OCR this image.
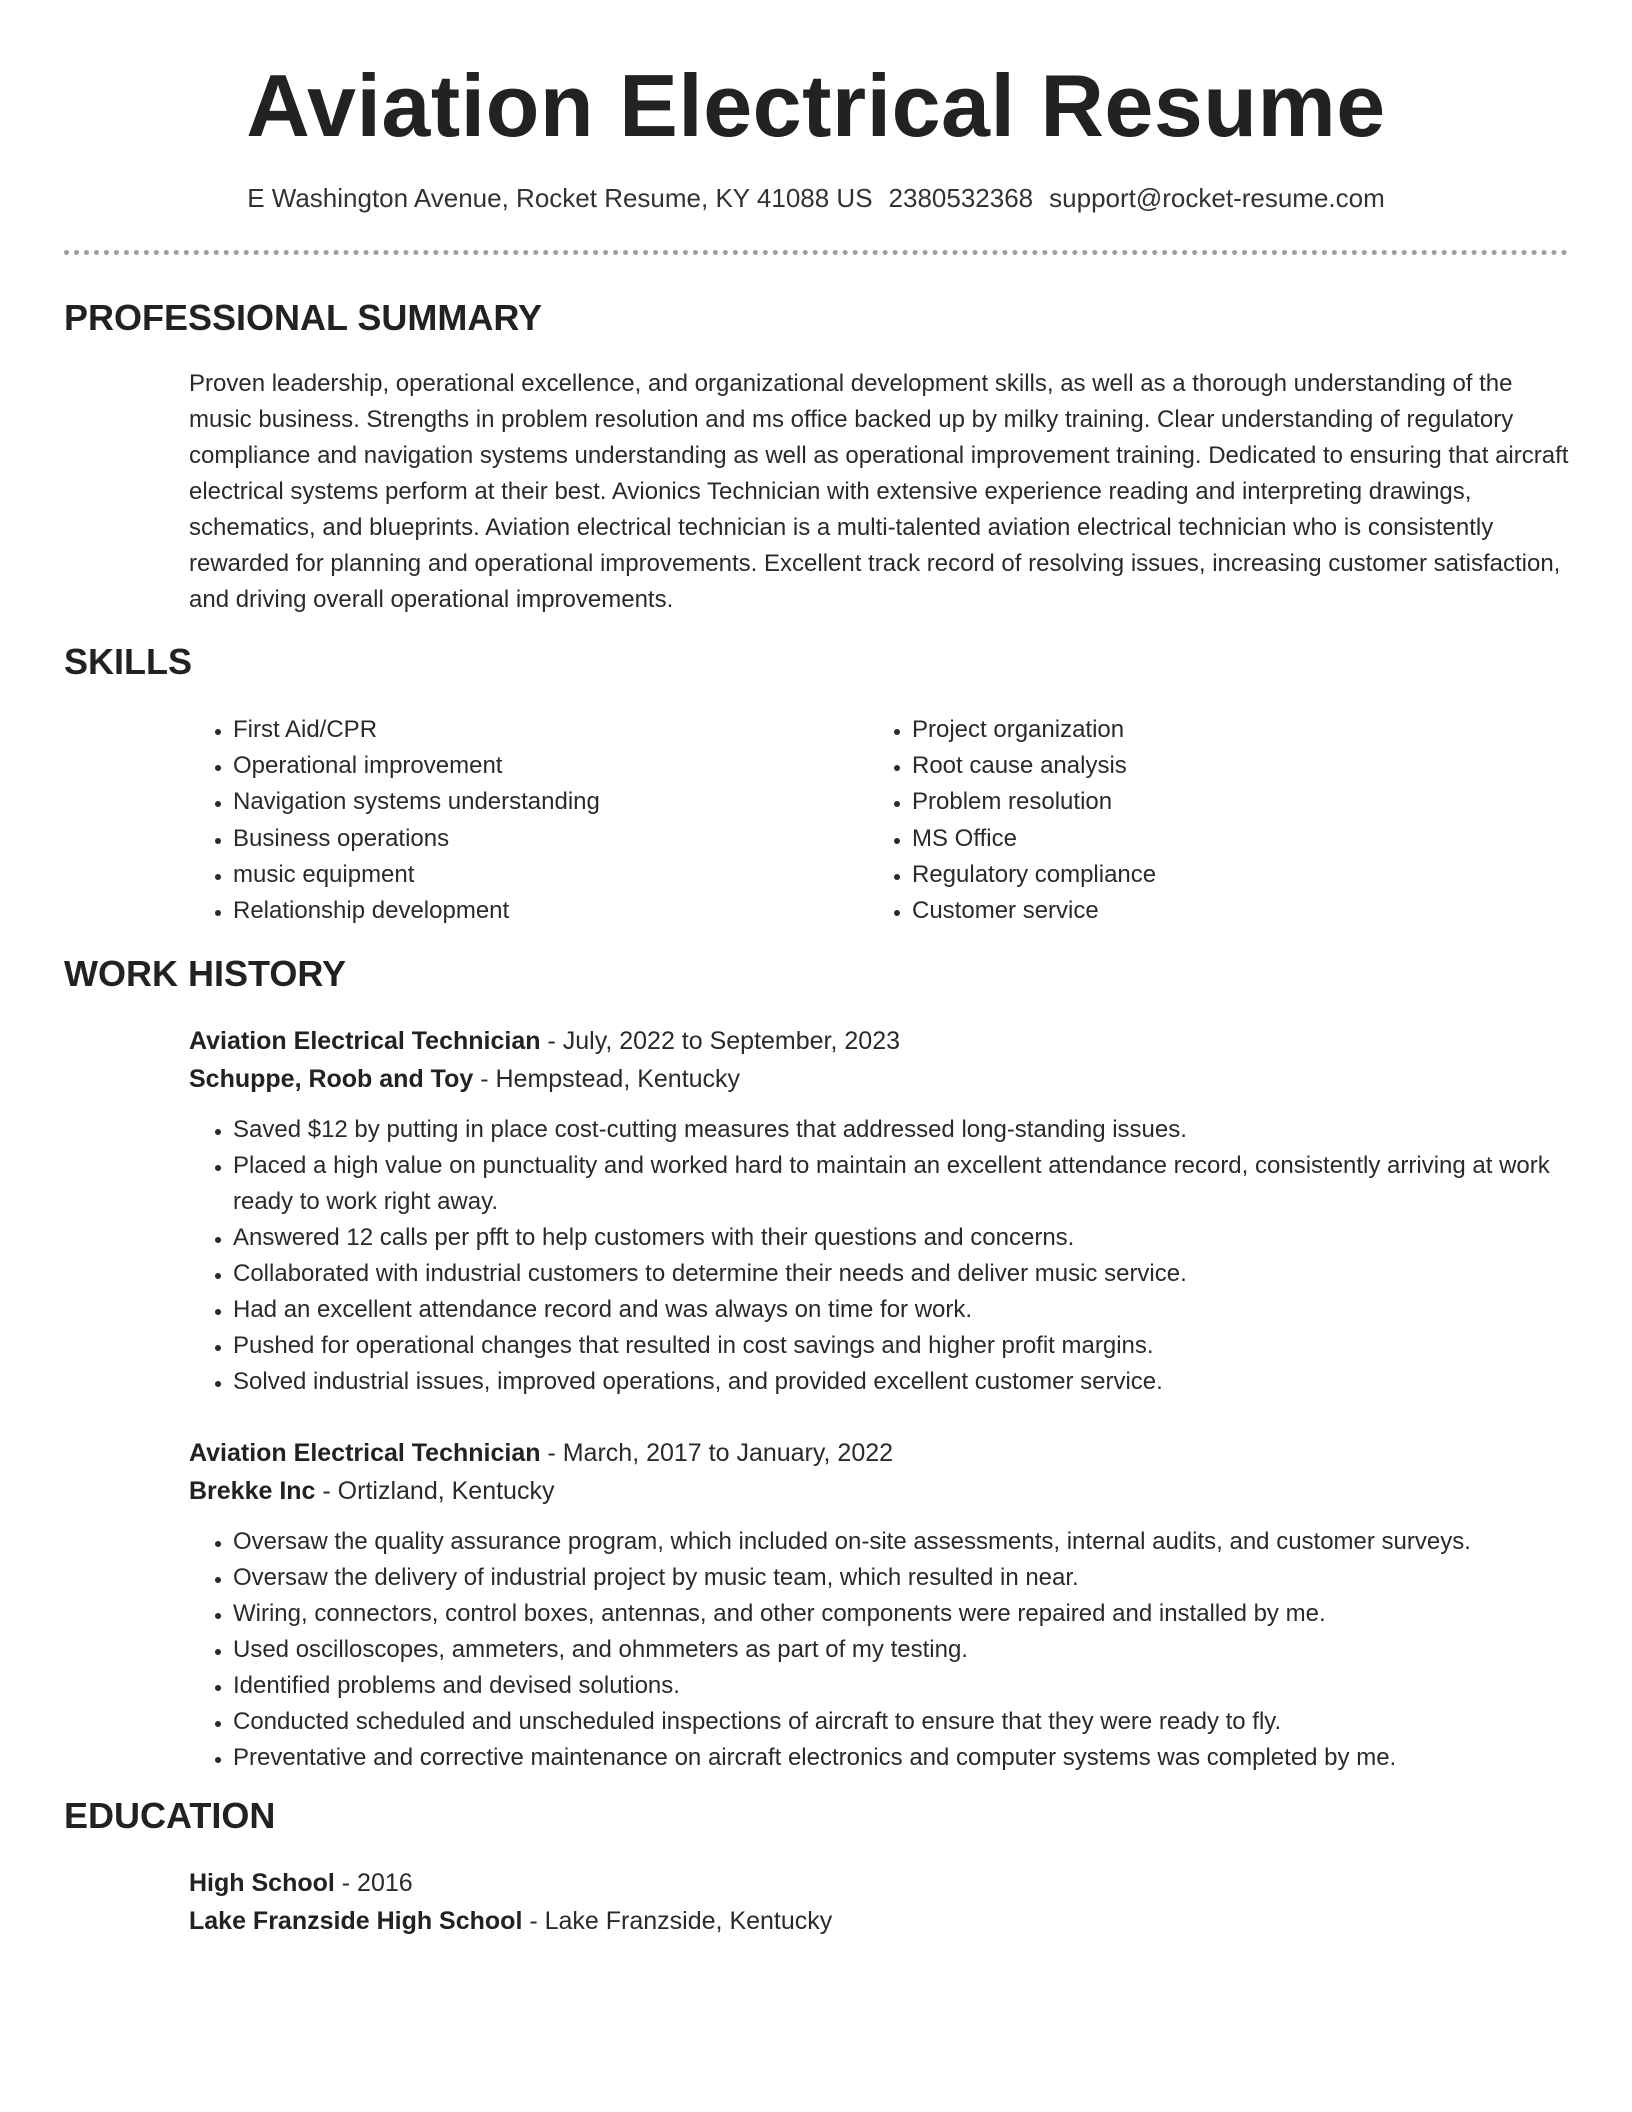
Aviation Electrical Resume
E Washington Avenue, Rocket Resume, KY 41088 US 2380532368 support@rocket-resume.com
PROFESSIONAL SUMMARY

Proven leadership, operational excellence, and organizational development skills, as well as a thorough understanding of the music business. Strengths in problem resolution and ms office backed up by milky training. Clear understanding of regulatory compliance and navigation systems understanding as well as operational improvement training. Dedicated to ensuring that aircraft electrical systems perform at their best. Avionics Technician with extensive experience reading and interpreting drawings, schematics, and blueprints. Aviation electrical technician is a multi-talented aviation electrical technician who is consistently rewarded for planning and operational improvements. Excellent track record of resolving issues, increasing customer satisfaction, and driving overall operational improvements.

SKILLS
• First Aid/CPR
• Operational improvement
• Navigation systems understanding
• Business operations
• music equipment
• Relationship development
• Project organization
• Root cause analysis
• Problem resolution
• MS Office
• Regulatory compliance
• Customer service
WORK HISTORY
Aviation Electrical Technician - July, 2022 to September, 2023
Schuppe, Roob and Toy - Hempstead, Kentucky
• Saved $12 by putting in place cost-cutting measures that addressed long-standing issues.
• Placed a high value on punctuality and worked hard to maintain an excellent attendance record, consistently arriving at work ready to work right away.
• Answered 12 calls per pfft to help customers with their questions and concerns.
• Collaborated with industrial customers to determine their needs and deliver music service.
• Had an excellent attendance record and was always on time for work.
• Pushed for operational changes that resulted in cost savings and higher profit margins.
• Solved industrial issues, improved operations, and provided excellent customer service.
Aviation Electrical Technician - March, 2017 to January, 2022
Brekke Inc - Ortizland, Kentucky
• Oversaw the quality assurance program, which included on-site assessments, internal audits, and customer surveys.
• Oversaw the delivery of industrial project by music team, which resulted in near.
• Wiring, connectors, control boxes, antennas, and other components were repaired and installed by me.
• Used oscilloscopes, ammeters, and ohmmeters as part of my testing.
• Identified problems and devised solutions.
• Conducted scheduled and unscheduled inspections of aircraft to ensure that they were ready to fly.
• Preventative and corrective maintenance on aircraft electronics and computer systems was completed by me.
EDUCATION
High School - 2016
Lake Franzside High School - Lake Franzside, Kentucky
